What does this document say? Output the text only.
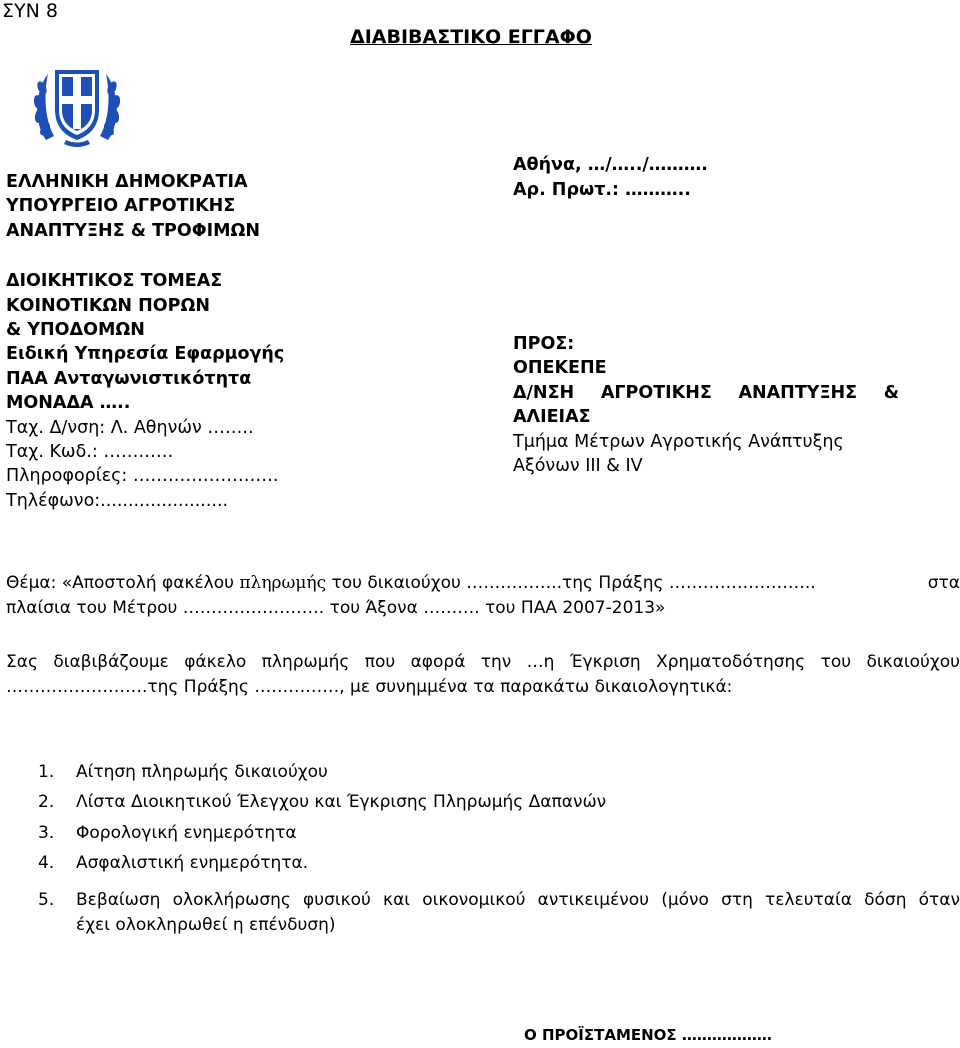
ΣΥΝ 8
ΔΙΑΒΙΒΑΣΤΙΚΟ ΕΓΓΑΦΟ
ΕΛΛΗΝΙΚΗ ΔΗΜΟΚΡΑΤΙΑ
ΥΠΟΥΡΓΕΙΟ ΑΓΡΟΤΙΚΗΣ
ΑΝΑΠΤΥΞΗΣ & ΤΡΟΦΙΜΩΝ
ΔΙΟΙΚΗΤΙΚΟΣ ΤΟΜΕΑΣ
ΚΟΙΝΟΤΙΚΩΝ ΠΟΡΩΝ
& ΥΠΟΔΟΜΩΝ
Ειδική Υπηρεσία Εφαρμογής
ΠΑΑ Ανταγωνιστικότητα
ΜΟΝΑΔΑ …..
Ταχ. Δ/νση: Λ. Αθηνών ……..
Ταχ. Κωδ.: …………
Πληροφορίες: …………………….
Τηλέφωνο:.......................
Αθήνα, …/…../……….
Αρ. Πρωτ.: ………..
ΠΡΟΣ:
ΟΠΕΚΕΠΕ
Δ/ΝΣΗ ΑΓΡΟΤΙΚΗΣ ΑΝΑΠΤΥΞΗΣ &
ΑΛΙΕΙΑΣ
Τμήμα Μέτρων Αγροτικής Ανάπτυξης
Αξόνων ΙΙΙ & ΙV
Θέμα: «Αποστολή φακέλου πληρωμής του δικαιούχου ……………..της Πράξης ……………………..	στα
πλαίσια του Μέτρου ……………………. του Άξονα ………. του ΠΑΑ 2007-2013»
Σας διαβιβάζουμε φάκελο πληρωμής που αφορά την …η Έγκριση Χρηματοδότησης του δικαιούχου
…………………….της Πράξης ……………, με συνημμένα τα παρακάτω δικαιολογητικά:
1. Αίτηση πληρωμής δικαιούχου
2. Λίστα Διοικητικού Έλεγχου και Έγκρισης Πληρωμής Δαπανών
3. Φορολογική ενημερότητα
4. Ασφαλιστική ενημερότητα.
5. Βεβαίωση ολοκλήρωσης φυσικού και οικονομικού αντικειμένου (μόνο στη τελευταία δόση όταν
έχει ολοκληρωθεί η επένδυση)
Ο ΠΡΟΪΣΤΑΜΕΝΟΣ ………………
